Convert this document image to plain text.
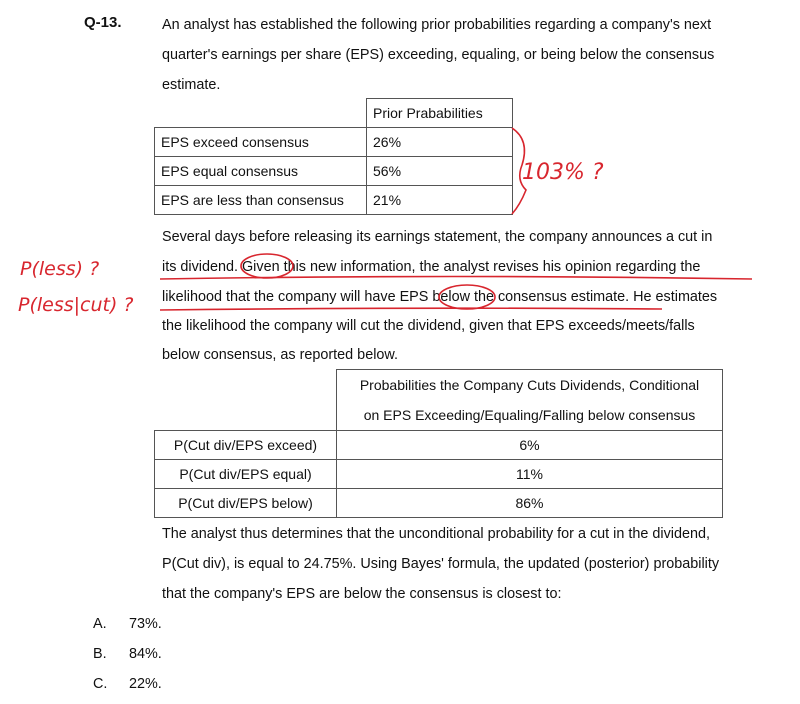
Q-13.	An analyst has established the following prior probabilities regarding a company's next
quarter's earnings per share (EPS) exceeding, equaling, or being below the consensus
estimate.
	Prior Prababilities
EPS exceed consensus	26%
EPS equal consensus	56%
EPS are less than consensus	21%
Several days before releasing its earnings statement, the company announces a cut in
its dividend. Given this new information, the analyst revises his opinion regarding the
likelihood that the company will have EPS below the consensus estimate. He estimates
the likelihood the company will cut the dividend, given that EPS exceeds/meets/falls
below consensus, as reported below.

	Probabilities the Company Cuts Dividends, Conditional
on EPS Exceeding/Equaling/Falling below consensus

P(Cut div/EPS exceed)	6%
P(Cut div/EPS equal)	11%
P(Cut div/EPS below)	86%
The analyst thus determines that the unconditional probability for a cut in the dividend,
P(Cut div), is equal to 24.75%. Using Bayes' formula, the updated (posterior) probability
that the company's EPS are below the consensus is closest to:
A. 73%.
B. 84%.
C. 22%.
103% ?
P(less) ?
P(less|cut) ?
